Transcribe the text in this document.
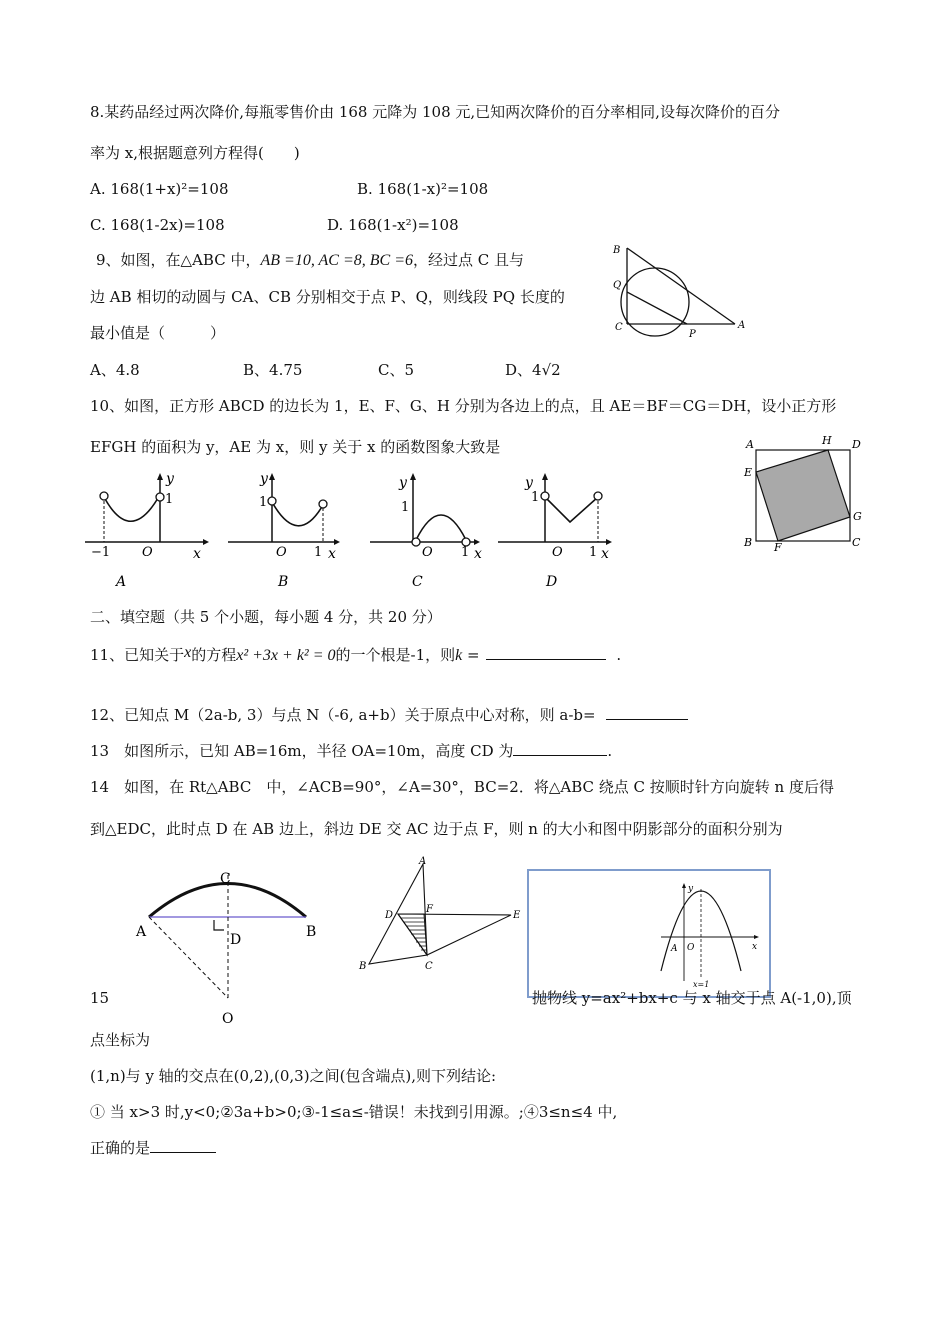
8.某药品经过两次降价,每瓶零售价由 168 元降为 108 元,已知两次降价的百分率相同,设每次降价的百分
率为 x,根据题意列方程得(　　)
A. 168(1+x)²=108	B. 168(1-x)²=108
C. 168(1-2x)=108	D. 168(1-x²)=108
9、如图，在△ABC 中，AB =10, AC =8, BC =6，经过点 C 且与
边 AB 相切的动圆与 CA、CB 分别相交于点 P、Q，则线段 PQ 长度的
最小值是（　　　）
A、4.8	B、4.75	C、5	D、4√2
B
Q
C
P
A
10、如图，正方形 ABCD 的边长为 1，E、F、G、H 分别为各边上的点，且 AE＝BF＝CG＝DH，设小正方形
EFGH 的面积为 y，AE 为 x，则 y 关于 x 的函数图象大致是
y
1
−1 O	x
A
y
1
O 1 x
B
y
1
O 1 x
C
y
1
O 1 x
D
A	H D
E
G
B F	C
二、填空题（共 5 个小题，每小题 4 分，共 20 分）
11、已知关于x的方程x² +3x + k² = 0的一个根是-1，则k =	.
12、已知点 M（2a-b, 3）与点 N（-6, a+b）关于原点中心对称，则 a-b=
13　如图所示，已知 AB=16m，半径 OA=10m，高度 CD 为	.
14　如图，在 Rt△ABC　中，∠ACB=90°，∠A=30°，BC=2．将△ABC 绕点 C 按顺时针方向旋转 n 度后得
到△EDC，此时点 D 在 AB 边上，斜边 DE 交 AC 边于点 F，则 n 的大小和图中阴影部分的面积分别为
C
A	B
D
O
A
D
F
E
B	C
y
x
A O
x=1
15	抛物线 y=ax²+bx+c 与 x 轴交于点 A(-1,0),顶
点坐标为
(1,n)与 y 轴的交点在(0,2),(0,3)之间(包含端点),则下列结论:
① 当 x>3 时,y<0;②3a+b>0;③-1≤a≤-错误！未找到引用源。;④3≤n≤4 中,
正确的是
